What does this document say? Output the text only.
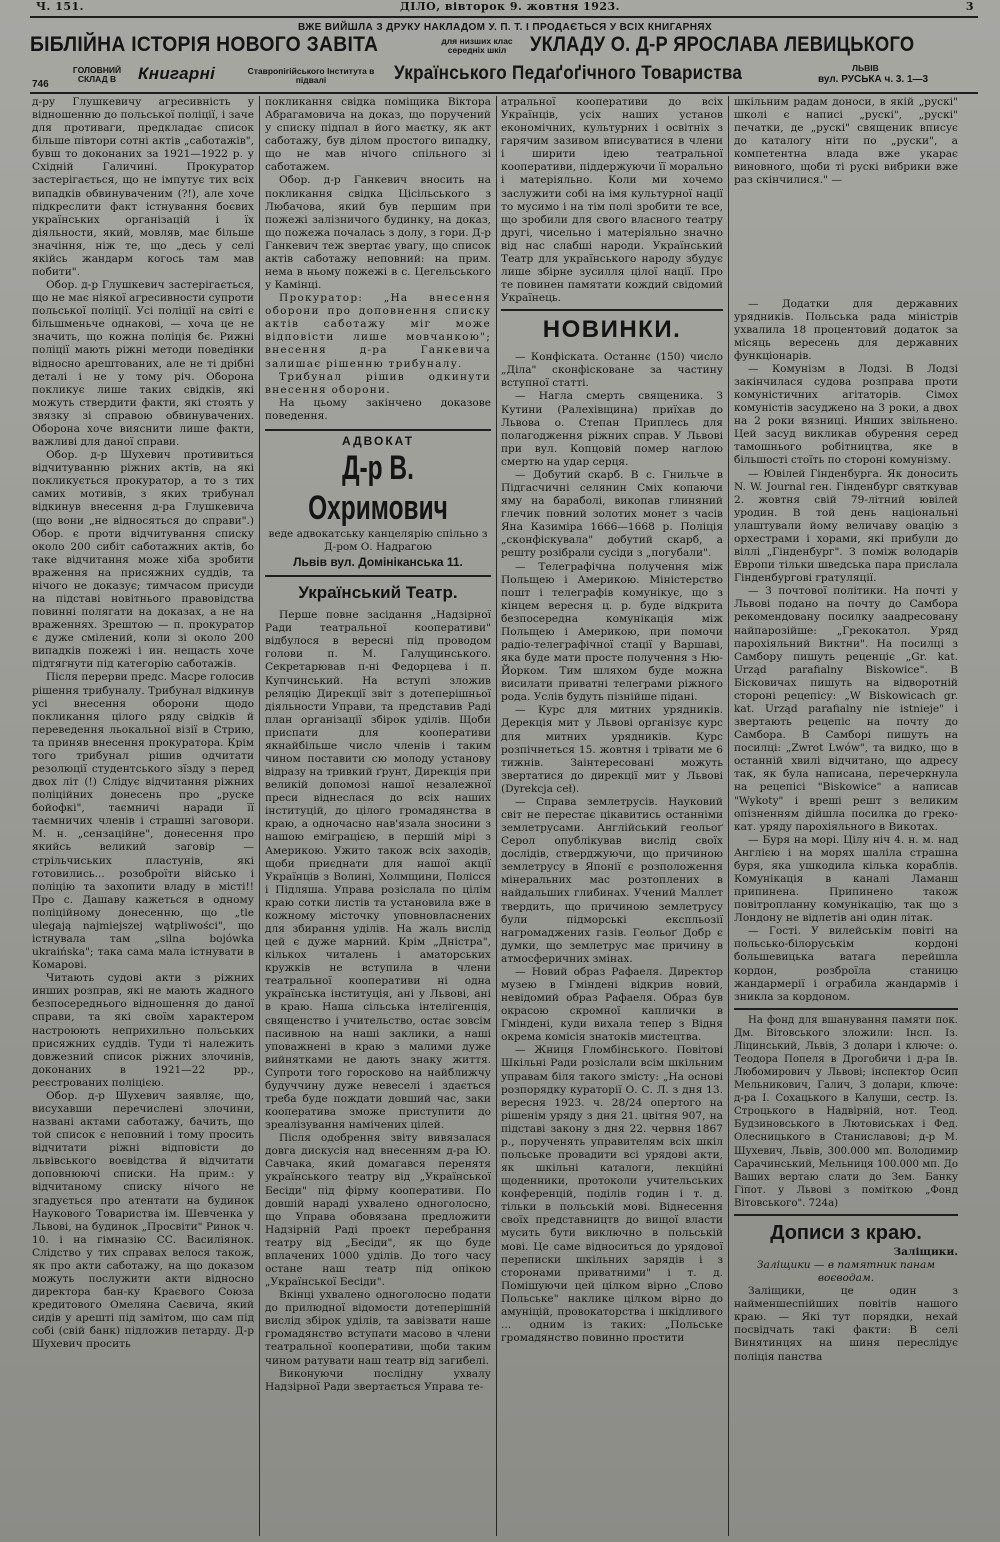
Ч. 151.	ДІЛО, вівторок 9. жовтня 1923.	3
ВЖЕ ВИЙШЛА З ДРУКУ НАКЛАДОМ У. П. Т. І ПРОДАЄТЬСЯ У ВСІХ КНИГАРНЯХ
БІБЛІЙНА ІСТОРІЯ НОВОГО ЗАВІТА	для низших клас середніх шкіл	УКЛАДУ О. Д-Р ЯРОСЛАВА ЛЕВИЦЬКОГО
746
ГОЛОВНИЙ СКЛАД В	Книгарні	Ставропігійського Інститута в підвалі	Українського Педаґоґічного Товариства	ЛЬВІВ
вул. РУСЬКА ч. 3. 1—3

д-ру Глушкевичу агресивність у відношенню до польської поліції, і заче для противаги, предкладає список більше півтори сотні актів „саботажів", бувш то доконаних за 1921—1922 р. у Східній Галичині. Прокуратор застерігається, що не імпутує тих всіх випадків обвинуваченим (?!), але хоче підкреслити факт істнування боєвих українських організацій і їх діяльности, який, мовляв, має більше значіння, ніж те, що „десь у селі якійсь жандарм когось там мав побити".

Обор. д-р Глушкевич застерігається, що не має ніякої агресивности супроти польської поліції. Усі поліції на світі є більшменьче однакові, — хоча це не значить, що кожна поліція бє. Рижні поліції мають ріжні методи поведінки відносно арештованих, але не ті дрібні деталі і не у тому річ. Оборона покликує лише таких свідків, які можуть ствердити факти, які стоять у звязку зі справою обвинувачених. Оборона хоче вияснити лише факти, важливі для даної справи.

Обор. д-р Шухевич противиться відчитуванню ріжних актів, на які покликується прокуратор, а то з тих самих мотивів, з яких трибунал відкинув внесення д-ра Глушкевича (що вони „не відносяться до справи".) Обор. є проти відчитування списку около 200 сибіт саботажних актів, бо таке відчитання може хіба зробити враження на присяжних суддів, та нічого не доказує; тимчасом присуди на підставі новітнього правовідства повинні полягати на доказах, а не на враженнях. Зрештою — п. прокуратор є дуже смілений, коли зі около 200 випадків пожежі і ин. нещасть хоче підтягнути під категорію саботажів.

Після перерви предс. Масре голосив рішення трибуналу. Трибунал відкинув усі внесення оборони щодо покликання цілого ряду свідків й переведення льокальної візії в Стрию, та приняв внесення прокуратора. Крім того трибунал рішив одчитати резолюції студентського зїзду з перед двох літ (!) Слідує відчитання ріжних поліційних донесень про „руске бойофкі", таємничі наради її таємничих членів і страшні заговори. М. н. „сензаційне", донесення про якийсь великий заговір — стрільчиських пластунів, які готовились... розоброїти військо і поліцію та захопити владу в місті!! Про с. Дашаву кажеться в одному поліційному донесенню, що „tle ulegają najmiejszej wątpliwości", що істнувала там „silna bojówka ukraińska"; така сама мала істнувати в Комарові.

Читають судові акти з ріжних инших розправ, які не мають жадного безпосереднього відношення до даної справи, та які своїм характером настроюють неприхильно польських присяжних суддів. Туди ті належить довжезний список ріжних злочинів, доконаних в 1921—22 рр., реєстрованих поліцією.

Обор. д-р Шухевич заявляє, що, висухавши перечислені злочини, названі актами саботажу, бачить, що той список є неповний і тому просить відчитати ріжні відповісти до львівського воєвідства й відчитати доповнюючі списки. На прим.: у відчитаному списку нічого не згадується про атентати на будинок Наукового Товариства ім. Шевченка у Львові, на будинок „Просвіти" Ринок ч. 10. і на гімназію СС. Василіянок. Слідство у тих справах велося також, як про акти саботажу, на що доказом можуть послужити акти відносно директора бан-ку Краєвого Союза кредитового Омеляна Саєвича, який сидів у арешті під замітом, що сам під собі (свій банк) підложив петарду. Д-р Шухевич просить

покликання свідка поміщика Віктора Абрагамовича на доказ, що поручений у списку підпал в його маєтку, як акт саботажу, був ділом простого випадку, що не мав нічого спільного зі саботажем.

Обор. д-р Ганкевич вносить на покликання свідка Цісільського з Любачова, який був першим при пожежі залізничого будинку, на доказ, що пожежа почалась з долу, з гори. Д-р Ганкевич теж звертає увагу, що список актів саботажу неповний: на прим. нема в ньому пожежі в с. Цегельського у Камінці.

Прокуратор: „На внесення оборони про доповнення списку актів саботажу міг може відповісти лише мовчанкою"; внесення д-ра Ганкевича залишає рішенню трибуналу.

Трибунал рішив одкинути внесення оборони.

На цьому закінчено доказове поведення.

АДВОКАТ
Д-р В. Охримович
веде адвокатську канцелярію спільно з Д-ром О. Надрагою
Львів вул. Домініканська 11.
Український Театр.

Перше повне засідання „Надзірної Ради театральної кооперативи" відбулося в вересні під проводом голови п. М. Галущинського. Секретарював п-ні Федорцева і п. Купчинський. На вступі зложив реляцію Дирекції звіт з дотеперішньої діяльности Управи, та представив Раді план організації збірок уділів. Щоби приспати для кооперативи якнайбільше число членів і таким чином поставити сю молоду установу відразу на тривкий ґрунт, Дирекція при великій допомозі нашої незалежної преси віднеслася до всіх наших інституцій, до цілого громадянства в краю, а одночасно нав'язала зносини з нашою еміграцією, в першій мірі з Америкою. Ужито також всіх заходів, щоби приєднати для нашої акції Українців з Волині, Холмщини, Полісся і Підляша. Управа розіслала по цілім краю сотки листів та установила вже в кожному місточку уповновласнених для збирання уділів. На жаль вислід цей є дуже марний. Крім „Дністра", кількох читалень і аматорських кружків не вступила в члени театральної кооперативи ні одна українська інституція, ані у Львові, ані в краю. Наша сільська інтелігенція, священство і учительство, остає зовсім пасивною на наші заклики, а наші уповажнені в краю з малими дуже вийнятками не дають знаку життя. Супроти того горосково на найближчу будуччину дуже невеселі і здається треба буде пождати довший час, заки кооператива зможе приступити до зреалізування намічених цілей.

Після одобрення звіту вивязалася довга дискусія над внесенням д-ра Ю. Савчака, який домагався перенятя українського театру від „Української Бесіди" під фірму кооперативи. По довшій нараді ухвалено одноголосно, що Управа обовязана предложити Надзірній Раді проект перебрання театру від „Бесіди", як що буде вплачених 1000 уділів. До того часу остане наш театр під опікою „Української Бесіди".

Вкінці ухвалено одноголосно подати до прилюдної відомости дотеперішній вислід збірок уділів, та завізвати наше громадянство вступати масово в члени театральної кооперативи, щоби таким чином ратувати наш театр від загибелі.

Виконуючи послідну ухвалу Надзірної Ради звертається Управа те-

атральної кооперативи до всіх Українців, усіх наших установ економічних, культурних і освітніх з гарячим зазивом вписуватися в члени і ширити ідею театральної кооперативи, піддержуючи її морально і матеріяльно. Коли ми хочемо заслужити собі на імя культурної нації то мусимо і на тім полі зробити те все, що зробили для свого власного театру другі, чисельно і матеріяльно значно від нас слабші народи. Український Театр для українського народу збудує лише збірне зусилля цілої нації. Про те повинен памятати кождий свідомий Українець.

НОВИНКИ.

— Конфіската. Останнє (150) число „Діла" сконфісковане за частину вступної статті.

— Нагла смерть священика. З Кутини (Ралехівщина) приїхав до Львова о. Степан Приплесь для полагодження ріжних справ. У Львові при вул. Копцовій помер наглою смертю на удар серця.

— Добутий скарб. В с. Гнильче в Підгасчичні селянин Сміх копаючи яму на бараболі, викопав глиняний глечик повний золотих монет з часів Яна Казиміра 1666—1668 р. Поліція „сконфіскувала" добутий скарб, а решту розібрали сусіди з „погубали".

— Телеграфічна получення між Польщею і Америкою. Міністерство пошт і телеграфів комунікує, що з кінцем вересня ц. р. буде відкрита безпосередна комунікація між Польщею і Америкою, при помочи радіо-телеграфічної стації у Варшаві, яка буде мати просте получення з Ню-Йорком. Тим шляхом буде можна висилати приватні телеграми ріжного рода. Услів будуть пізнійше підані.

— Курс для митних урядників. Дерекція мит у Львові організує курс для митних урядників. Курс розпічнеться 15. жовтня і трівати ме 6 тижнів. Заінтересовані можуть звертатися до дирекції мит у Львові (Dyrekcja ceł).

— Справа землетрусів. Науковий світ не перестає цікавитись останніми землетрусами. Англійський геольоґ Серол опублікував вислід своїх дослідів, стверджуючи, що причиною землетрусу в Японії є розположення мінеральних мас розтоплених в найдальших глибинах. Учений Маллет твердить, що причиною землетрусу були підморські експльозії нагромаджених газів. Геольоґ Добр є думки, що землетрус має причину в атмосферичних змінах.

— Новий образ Рафаеля. Директор музею в Гміндені відкрив новий, невідомий образ Рафаеля. Образ був окрасою скромної каплички в Гміндені, куди вихала тепер з Відня окрема комісія знатоків мистецтва.

— Жниця Гломбінського. Повітові Шкільні Ради розіслали всім шкільним управам біля такого змісту: „На основі розпорядку кураторії О. С. Л. з дня 13. вересня 1923. ч. 28/24 опертого на рішенім уряду з дня 21. цвітня 907, на підставі закону з дня 22. червня 1867 р., порученять управителям всіх шкіл польське провадити всі урядові акти, як шкільні каталоги, лекційні щоденники, протоколи учительських конференцій, поділів годин і т. д. тільки в польській мові. Віднесення своїх представництв до вищої власти мусить бути виключно в польській мові. Це саме відноситься до урядової переписки шкільних зарядів і з сторонами приватними" і т. д. Помішуючи цей цілком вірно „Слово Польське" наклике цілком вірно до амуніцій, провокаторства і шкідливого ... одним із таких: „Польське громадянство повинно простити

шкільним радам доноси, в якій „рускі" школі є написі „рускі", „рускі" печатки, де „рускі" священик вписує до каталогу ніти по „руски", а компетентна влада вже укарає виновного, щоби ті рускі вибрики вже раз скінчилися." —

— Додатки для державних урядників. Польська рада міністрів ухвалила 18 процентовий додаток за місяць вересень для державних функціонарів.

— Комунізм в Лодзі. В Лодзі закінчилася судова розправа проти комуністичних агітаторів. Сімох комуністів засуджено на 3 роки, а двох на 2 роки вязниці. Инших звільнено. Цей засуд викликав обурення серед тамошнього робітництва, яке в більшості стоїть по стороні комунізму.

— Ювілей Гінденбурга. Як доносить N. W. Journal ген. Гінденбург святкував 2. жовтня свій 79-літний ювілей уродин. В той день національні улаштували йому величаву овацію з орхестрами і хорами, які прибули до віллі „Гінденбург". З поміж володарів Европи тільки шведська пара прислала Гінденбургові гратуляції.

— З почтової політики. На почті у Львові подано на почту до Самбора рекомендовану посилку заадресовану найпарозійше: „Грекокатол. Уряд парохіяльний Виктни". На посилці з Самбору пишуть реценціє „Gr. kat. Urząd parafialny Biskowice". В Бісковичах пишуть на відворотній стороні рецепісу: „W Biskowicach gr. kat. Urząd parafialny nie istnieje" і звертають рецепіс на почту до Самбора. В Самборі пишуть на посилці: „Zwrot Lwów", та видко, що в останній хвилі відчитано, що адресу так, як була написана, перечеркнула на рецепісі "Biskowice" а написав "Wykoty" і вреші решт з великим опізненням дійшла посилка до греко-кат. уряду парохіяльного в Викотах.

— Буря на морі. Цілу ніч 4. н. м. над Англією і на морях шаліла страшна буря, яка ушкодила кілька кораблів. Комунікація в каналі Ламанш припинена. Припинено також повітропланну комунікацію, так що з Лондону не відлетів ані один літак.

— Гості. У вилейськім повіті на польсько-білоруськім кордоні большевицька ватага перейшла кордон, розброїла станицю жандармерії і ограбила жандармів і зникла за кордоном.

На фонд для вшанування памяти пок. Дм. Вітовського зложили: Інсп. Із. Ліцинський, Львів, 3 долари і ключе: о. Теодора Попеля в Дрогобичи і д-ра Ів. Любомирович у Львові; інспектор Осип Мельникович, Галич, 3 долари, ключе: д-ра І. Сохацького в Калуши, сестр. Із. Строцького в Надвірній, нот. Теод. Будзиновського в Лютовиськах і Фед. Олесницького в Станиславові; д-р М. Шухевич, Львів, 300.000 мп. Володимир Сарачинський, Мельниця 100.000 мп. До Ваших вертаю слати до Зем. Банку Гіпот. у Львові з поміткою „Фонд Вітовського". 724а)

Дописи з краю.

Заліщики.

Заліщики — в памятник панам воєводам.

Заліщики, це один з найменшеспійших повітів нашого краю. — Які тут порядки, нехай посвідчать такі факти: В селі Винятинцях на шиня переслідує поліція панства
